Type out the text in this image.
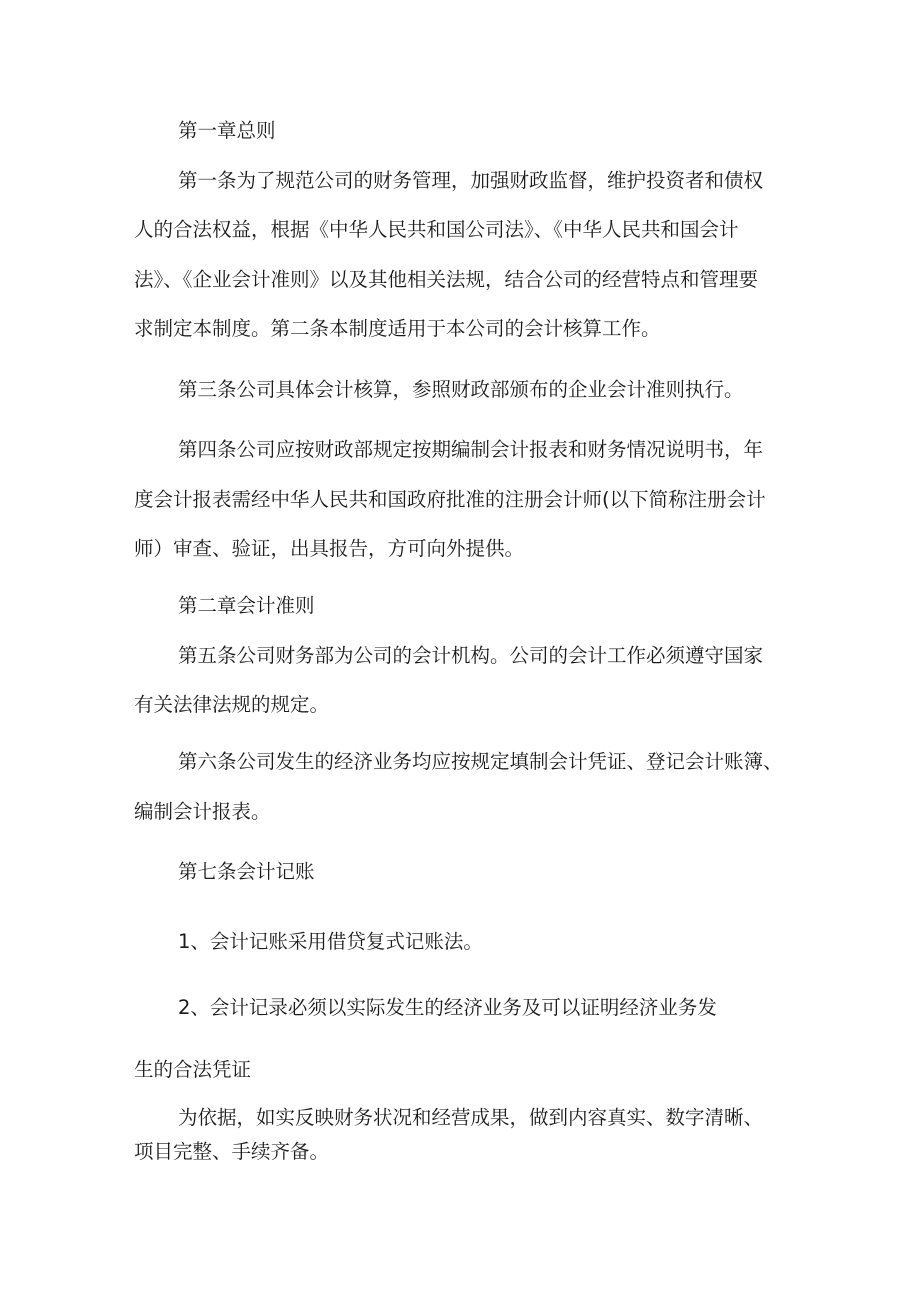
第一章总则
第一条为了规范公司的财务管理，加强财政监督，维护投资者和债权
人的合法权益，根据《中华人民共和国公司法》、《中华人民共和国会计
法》、《企业会计准则》以及其他相关法规，结合公司的经营特点和管理要
求制定本制度。第二条本制度适用于本公司的会计核算工作。
第三条公司具体会计核算，参照财政部颁布的企业会计准则执行。
第四条公司应按财政部规定按期编制会计报表和财务情况说明书，年
度会计报表需经中华人民共和国政府批准的注册会计师(以下简称注册会计
师）审查、验证，出具报告，方可向外提供。
第二章会计准则
第五条公司财务部为公司的会计机构。公司的会计工作必须遵守国家
有关法律法规的规定。
第六条公司发生的经济业务均应按规定填制会计凭证、登记会计账簿、
编制会计报表。
第七条会计记账
1、会计记账采用借贷复式记账法。
2、会计记录必须以实际发生的经济业务及可以证明经济业务发
生的合法凭证
为依据，如实反映财务状况和经营成果，做到内容真实、数字清晰、
项目完整、手续齐备。
